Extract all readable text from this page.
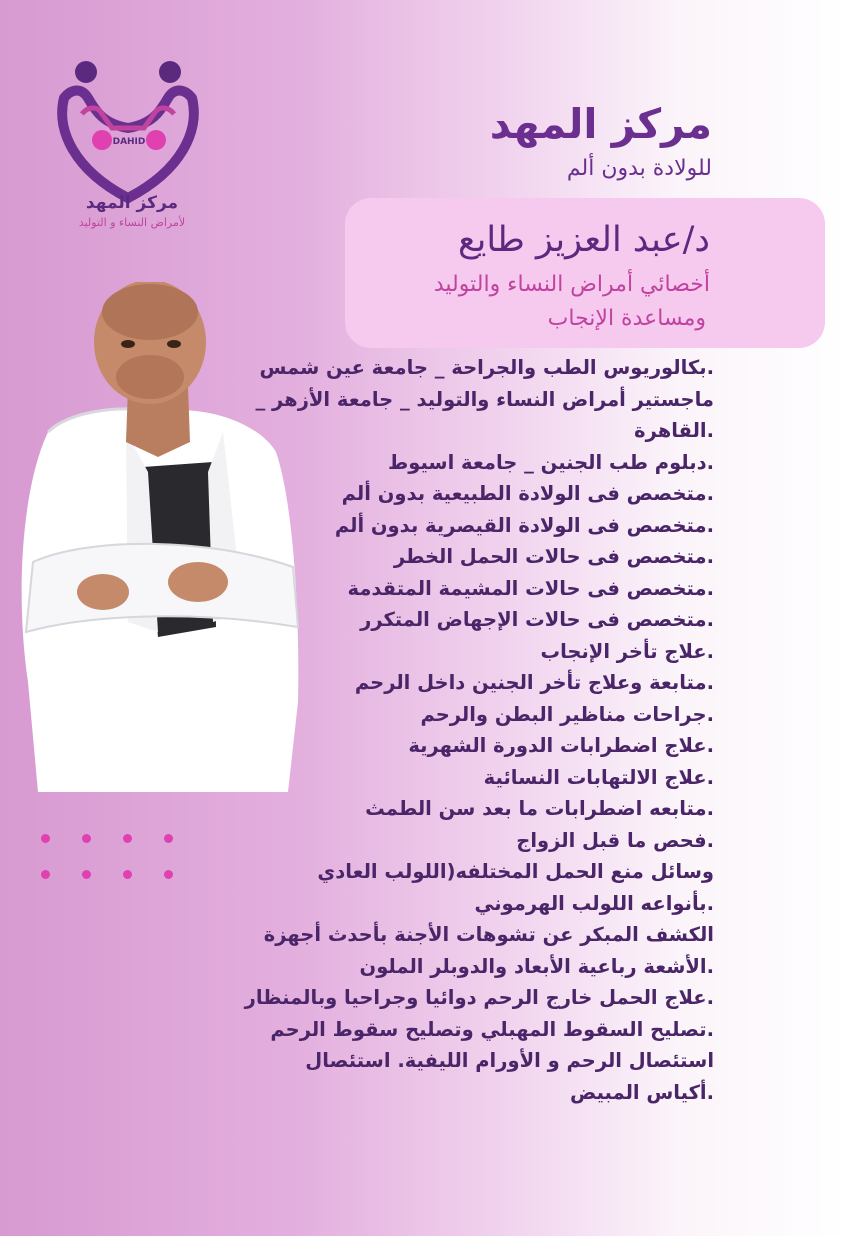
DAHID
مركز المهد
لأمراض النساء و التوليد
مركز المهد
للولادة بدون ألم
د/عبد العزيز طايع
أخصائي أمراض النساء والتوليد
ومساعدة الإنجاب
.بكالوريوس الطب والجراحة _ جامعة عين شمس
ماجستير أمراض النساء والتوليد _ جامعة الأزهر _
.القاهرة
.دبلوم طب الجنين _ جامعة اسيوط
.متخصص فى الولادة الطبيعية بدون ألم
.متخصص فى الولادة القيصرية بدون ألم
.متخصص فى حالات الحمل الخطر
.متخصص فى حالات المشيمة المتقدمة
.متخصص فى حالات الإجهاض المتكرر
.علاج تأخر الإنجاب
.متابعة وعلاج تأخر الجنين داخل الرحم
.جراحات مناظير البطن والرحم
.علاج اضطرابات الدورة الشهرية
.علاج الالتهابات النسائية
.متابعه اضطرابات ما بعد سن الطمث
.فحص ما قبل الزواج
وسائل منع الحمل المختلفه(اللولب العادي
.بأنواعه اللولب الهرموني
الكشف المبكر عن تشوهات الأجنة بأحدث أجهزة
.الأشعة رباعية الأبعاد والدوبلر الملون
.علاج الحمل خارج الرحم دوائيا وجراحيا وبالمنظار
.تصليح السقوط المهبلي وتصليح سقوط الرحم
استئصال الرحم و الأورام الليفية. استئصال
.أكياس المبيض
